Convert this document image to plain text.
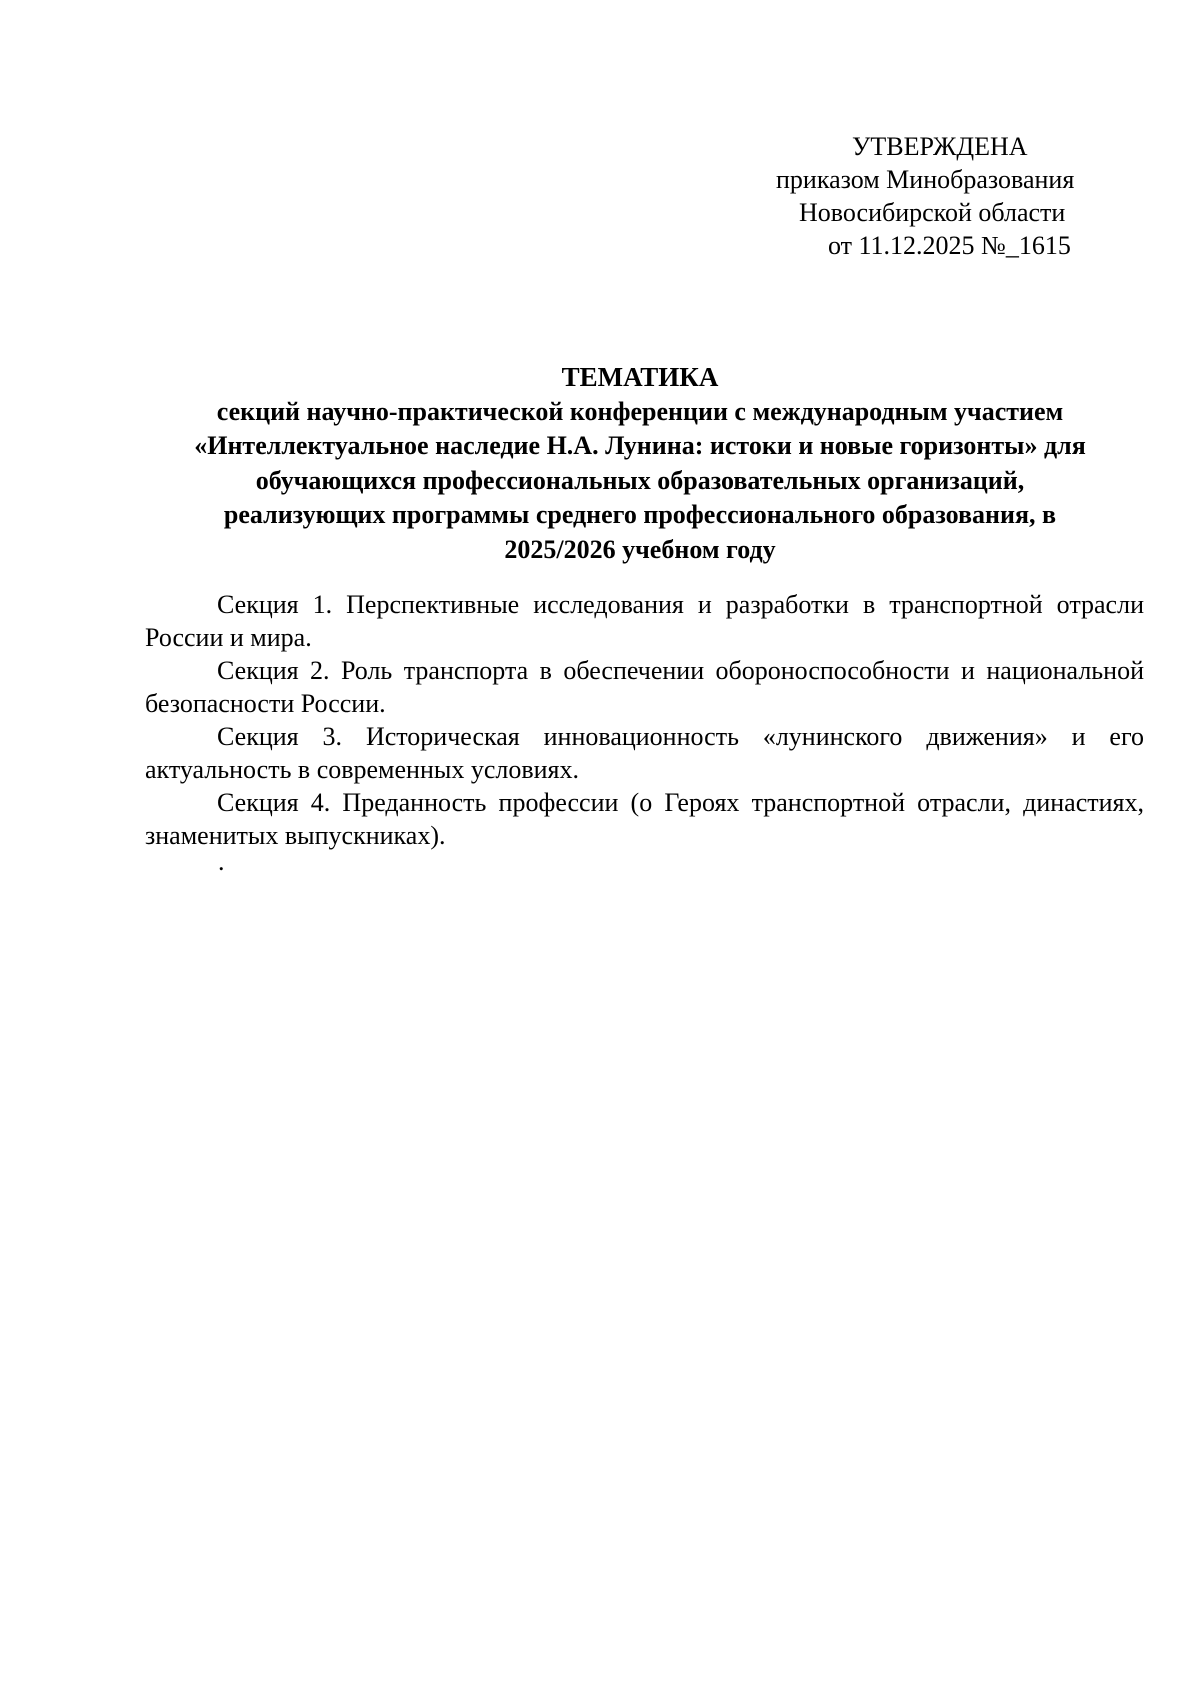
УТВЕРЖДЕНА
приказом Минобразования
Новосибирской области
от 11.12.2025 №_1615
ТЕМАТИКА
секций научно-практической конференции с международным участием
«Интеллектуальное наследие Н.А. Лунина: истоки и новые горизонты» для
обучающихся профессиональных образовательных организаций,
реализующих программы среднего профессионального образования, в
2025/2026 учебном году

Секция 1. Перспективные исследования и разработки в транспортной отрасли России и мира.

Секция 2. Роль транспорта в обеспечении обороноспособности и национальной безопасности России.

Секция 3. Историческая инновационность «лунинского движения» и его актуальность в современных условиях.

Секция 4. Преданность профессии (о Героях транспортной отрасли, династиях, знаменитых выпускниках).

.
